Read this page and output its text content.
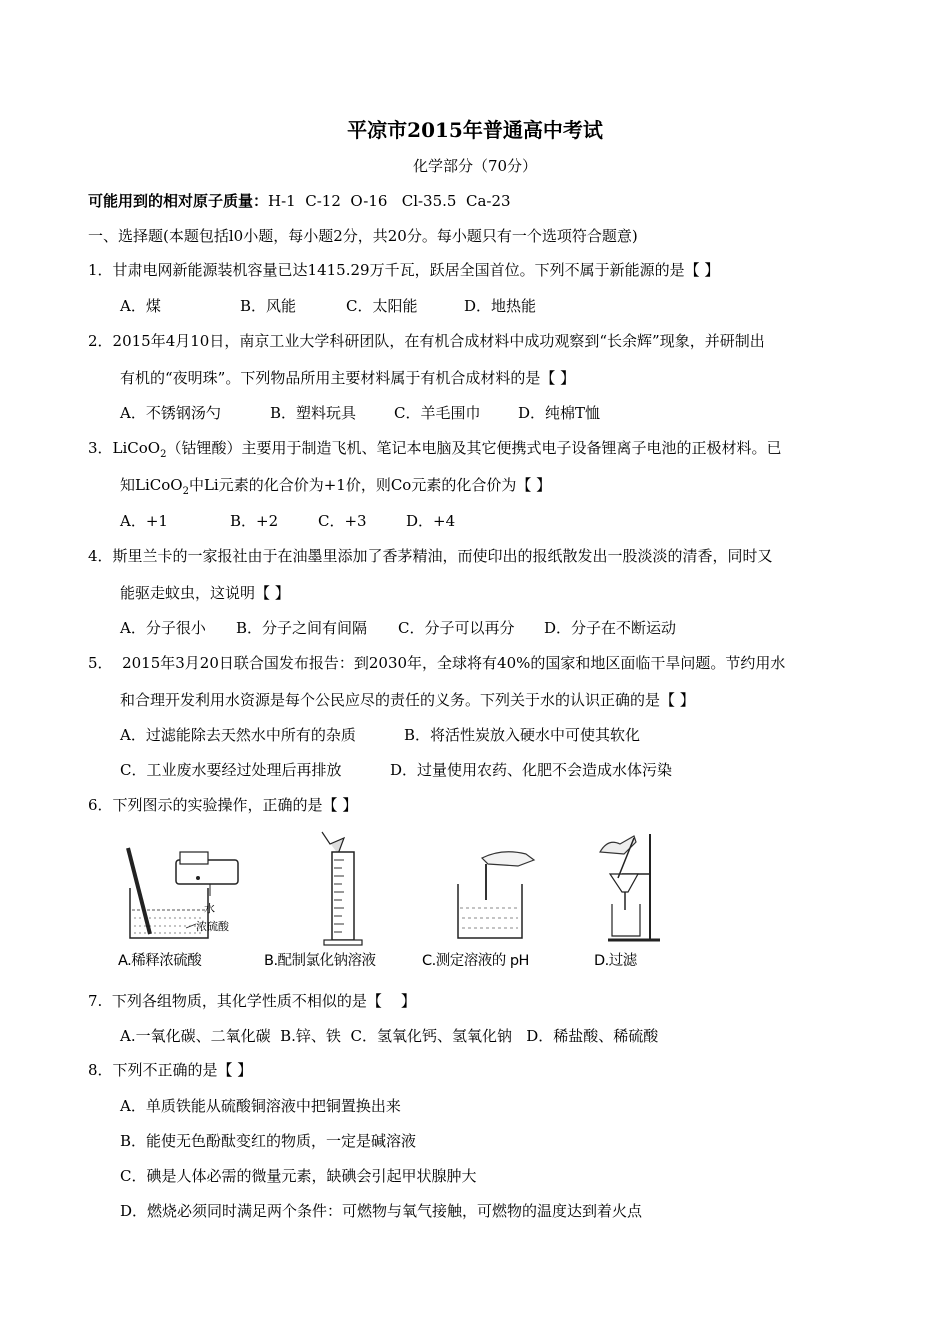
平凉市2015年普通高中考试
化学部分（70分）
可能用到的相对原子质量：H-1  C-12  O-16   Cl-35.5  Ca-23
一、选择题(本题包括l0小题，每小题2分，共20分。每小题只有一个选项符合题意)
1．甘肃电网新能源装机容量已达1415.29万千瓦，跃居全国首位。下列不属于新能源的是【 】
A．煤	B．风能	C．太阳能	D．地热能
2．2015年4月10日，南京工业大学科研团队，在有机合成材料中成功观察到“长余辉”现象，并研制出
有机的“夜明珠”。下列物品所用主要材料属于有机合成材料的是【 】
A．不锈钢汤勺	B．塑料玩具	C．羊毛围巾	D．纯棉T恤
3．LiCoO$_2$（钴锂酸）主要用于制造飞机、笔记本电脑及其它便携式电子设备锂离子电池的正极材料。已
知LiCoO$_2$中Li元素的化合价为+1价，则Co元素的化合价为【 】
A．+1	B．+2	C．+3	D．+4
4．斯里兰卡的一家报社由于在油墨里添加了香茅精油，而使印出的报纸散发出一股淡淡的清香，同时又
能驱走蚊虫，这说明【 】
A．分子很小 B．分子之间有间隔 C．分子可以再分 D．分子在不断运动
5．  2015年3月20日联合国发布报告：到2030年，全球将有40%的国家和地区面临干旱问题。节约用水
和合理开发利用水资源是每个公民应尽的责任的义务。下列关于水的认识正确的是【 】
A．过滤能除去天然水中所有的杂质	B．将活性炭放入硬水中可使其软化
C．工业废水要经过处理后再排放	D．过量使用农药、化肥不会造成水体污染
6．下列图示的实验操作，正确的是【 】
水
浓硫酸
A.稀释浓硫酸	B.配制氯化钠溶液	C.测定溶液的 pH	D.过滤
7.  下列各组物质，其化学性质不相似的是【    】
A.一氧化碳、二氧化碳  B.锌、铁  C．氢氧化钙、氢氧化钠   D．稀盐酸、稀硫酸
8．下列不正确的是【 】
A．单质铁能从硫酸铜溶液中把铜置换出来
B．能使无色酚酞变红的物质，一定是碱溶液
C．碘是人体必需的微量元素，缺碘会引起甲状腺肿大
D．燃烧必须同时满足两个条件：可燃物与氧气接触，可燃物的温度达到着火点
